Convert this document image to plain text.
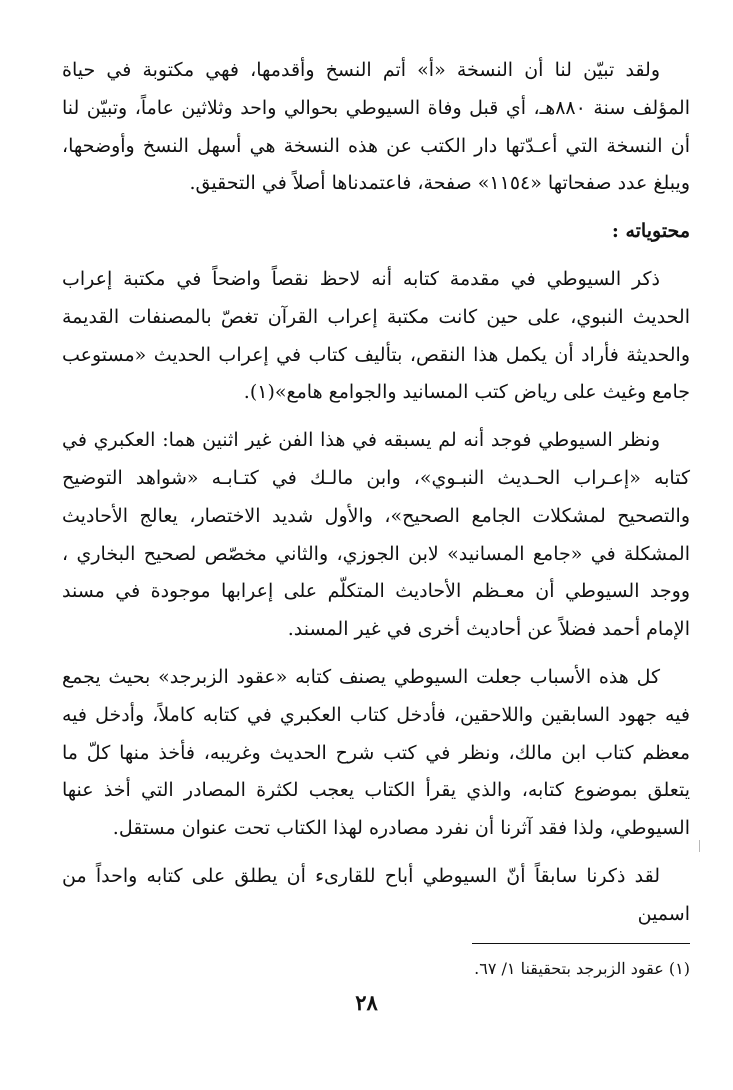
ولقد تبيّن لنا أن النسخة «أ» أتم النسخ وأقدمها، فهي مكتوبة في حياة المؤلف سنة ٨٨٠هـ، أي قبل وفاة السيوطي بحوالي واحد وثلاثين عاماً، وتبيّن لنا أن النسخة التي أعـدّتها دار الكتب عن هذه النسخة هي أسهل النسخ وأوضحها، ويبلغ عدد صفحاتها «١١٥٤» صفحة، فاعتمدناها أصلاً في التحقيق.

محتوياته :

ذكر السيوطي في مقدمة كتابه أنه لاحظ نقصاً واضحاً في مكتبة إعراب الحديث النبوي، على حين كانت مكتبة إعراب القرآن تغصّ بالمصنفات القديمة والحديثة فأراد أن يكمل هذا النقص، بتأليف كتاب في إعراب الحديث «مستوعب جامع وغيث على رياض كتب المسانيد والجوامع هامع»(١).

ونظر السيوطي فوجد أنه لم يسبقه في هذا الفن غير اثنين هما: العكبري في كتابه «إعـراب الحـديث النبـوي»، وابن مالـك في كتـابـه «شواهد التوضيح والتصحيح لمشكلات الجامع الصحيح»، والأول شديد الاختصار، يعالج الأحاديث المشكلة في «جامع المسانيد» لابن الجوزي، والثاني مخصّص لصحيح البخاري ، ووجد السيوطي أن معـظم الأحاديث المتكلّم على إعرابها موجودة في مسند الإمام أحمد فضلاً عن أحاديث أخرى في غير المسند.

كل هذه الأسباب جعلت السيوطي يصنف كتابه «عقود الزبرجد» بحيث يجمع فيه جهود السابقين واللاحقين، فأدخل كتاب العكبري في كتابه كاملاً، وأدخل فيه معظم كتاب ابن مالك، ونظر في كتب شرح الحديث وغريبه، فأخذ منها كلّ ما يتعلق بموضوع كتابه، والذي يقرأ الكتاب يعجب لكثرة المصادر التي أخذ عنها السيوطي، ولذا فقد آثرنا أن نفرد مصادره لهذا الكتاب تحت عنوان مستقل.

لقد ذكرنا سابقاً أنّ السيوطي أباح للقارىء أن يطلق على كتابه واحداً من اسمين

(١) عقود الزبرجد بتحقيقنا ١/ ٦٧.

٢٨
